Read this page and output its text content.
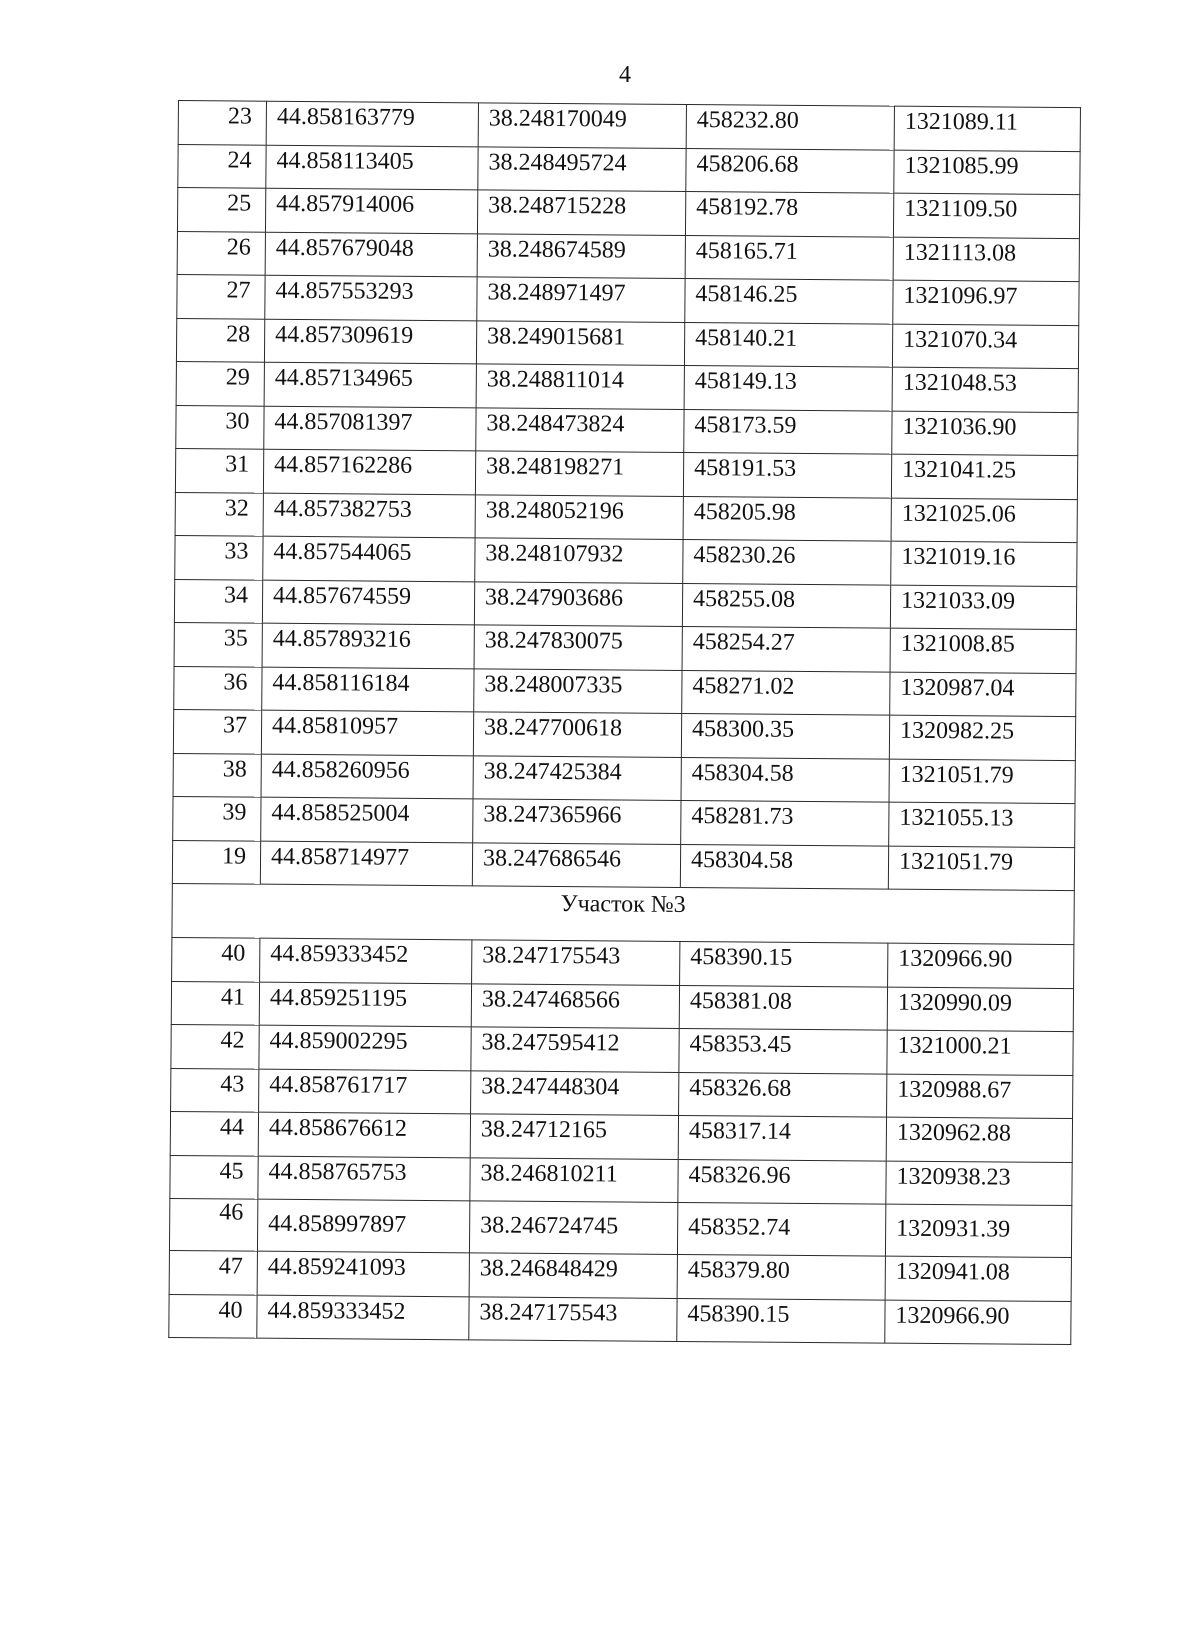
4
23	44.858163779	38.248170049	458232.80	1321089.11
24	44.858113405	38.248495724	458206.68	1321085.99
25	44.857914006	38.248715228	458192.78	1321109.50
26	44.857679048	38.248674589	458165.71	1321113.08
27	44.857553293	38.248971497	458146.25	1321096.97
28	44.857309619	38.249015681	458140.21	1321070.34
29	44.857134965	38.248811014	458149.13	1321048.53
30	44.857081397	38.248473824	458173.59	1321036.90
31	44.857162286	38.248198271	458191.53	1321041.25
32	44.857382753	38.248052196	458205.98	1321025.06
33	44.857544065	38.248107932	458230.26	1321019.16
34	44.857674559	38.247903686	458255.08	1321033.09
35	44.857893216	38.247830075	458254.27	1321008.85
36	44.858116184	38.248007335	458271.02	1320987.04
37	44.85810957	38.247700618	458300.35	1320982.25
38	44.858260956	38.247425384	458304.58	1321051.79
39	44.858525004	38.247365966	458281.73	1321055.13
19	44.858714977	38.247686546	458304.58	1321051.79
Участок №3				
40	44.859333452	38.247175543	458390.15	1320966.90
41	44.859251195	38.247468566	458381.08	1320990.09
42	44.859002295	38.247595412	458353.45	1321000.21
43	44.858761717	38.247448304	458326.68	1320988.67
44	44.858676612	38.24712165	458317.14	1320962.88
45	44.858765753	38.246810211	458326.96	1320938.23
46	44.858997897	38.246724745	458352.74	1320931.39
47	44.859241093	38.246848429	458379.80	1320941.08
40	44.859333452	38.247175543	458390.15	1320966.90
